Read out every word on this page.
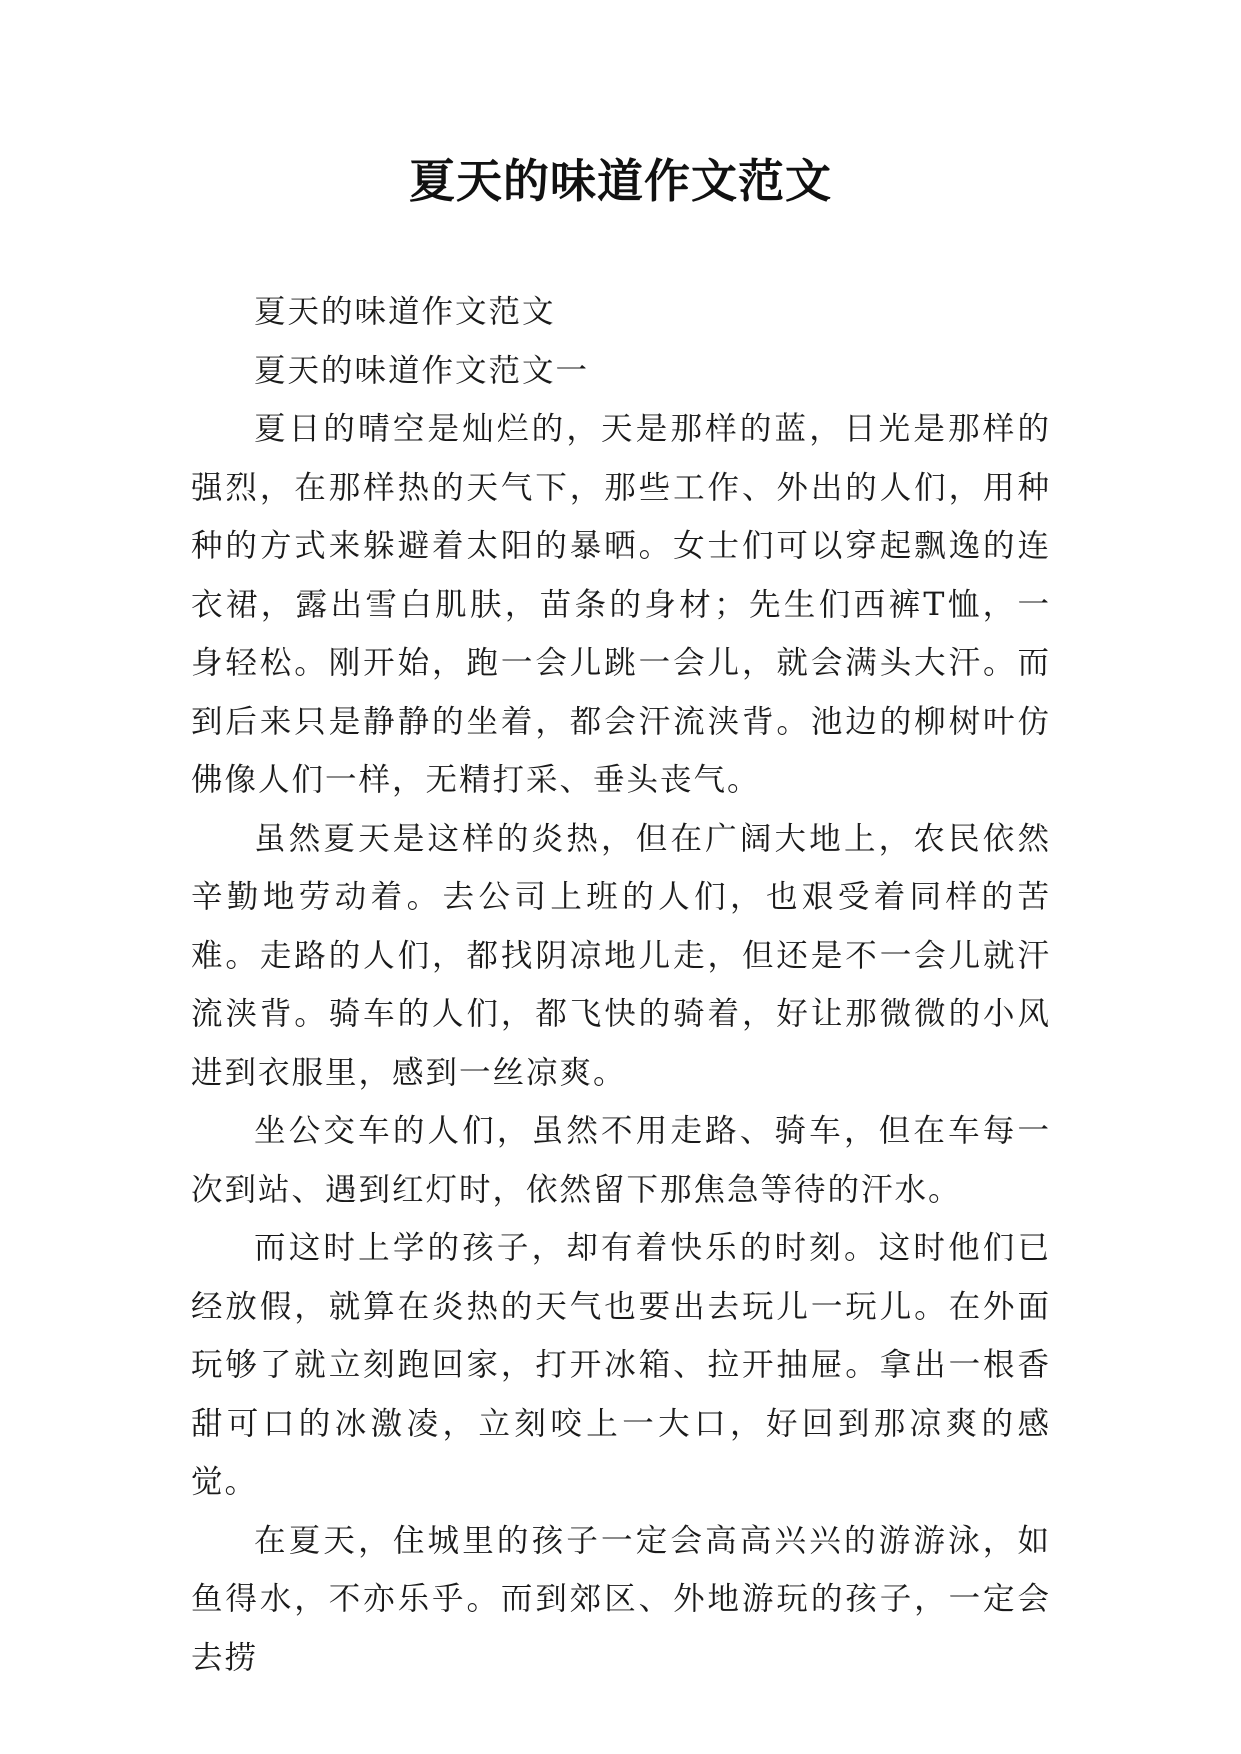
夏天的味道作文范文

夏天的味道作文范文

夏天的味道作文范文一

夏日的晴空是灿烂的，天是那样的蓝，日光是那样的强烈，在那样热的天气下，那些工作、外出的人们，用种种的方式来躲避着太阳的暴晒。女士们可以穿起飘逸的连衣裙，露出雪白肌肤，苗条的身材；先生们西裤T恤，一身轻松。刚开始，跑一会儿跳一会儿，就会满头大汗。而到后来只是静静的坐着，都会汗流浃背。池边的柳树叶仿佛像人们一样，无精打采、垂头丧气。

虽然夏天是这样的炎热，但在广阔大地上，农民依然辛勤地劳动着。去公司上班的人们，也艰受着同样的苦难。走路的人们，都找阴凉地儿走，但还是不一会儿就汗流浃背。骑车的人们，都飞快的骑着，好让那微微的小风进到衣服里，感到一丝凉爽。

坐公交车的人们，虽然不用走路、骑车，但在车每一次到站、遇到红灯时，依然留下那焦急等待的汗水。

而这时上学的孩子，却有着快乐的时刻。这时他们已经放假，就算在炎热的天气也要出去玩儿一玩儿。在外面玩够了就立刻跑回家，打开冰箱、拉开抽屉。拿出一根香甜可口的冰激凌，立刻咬上一大口，好回到那凉爽的感觉。

在夏天，住城里的孩子一定会高高兴兴的游游泳，如鱼得水，不亦乐乎。而到郊区、外地游玩的孩子，一定会去捞
